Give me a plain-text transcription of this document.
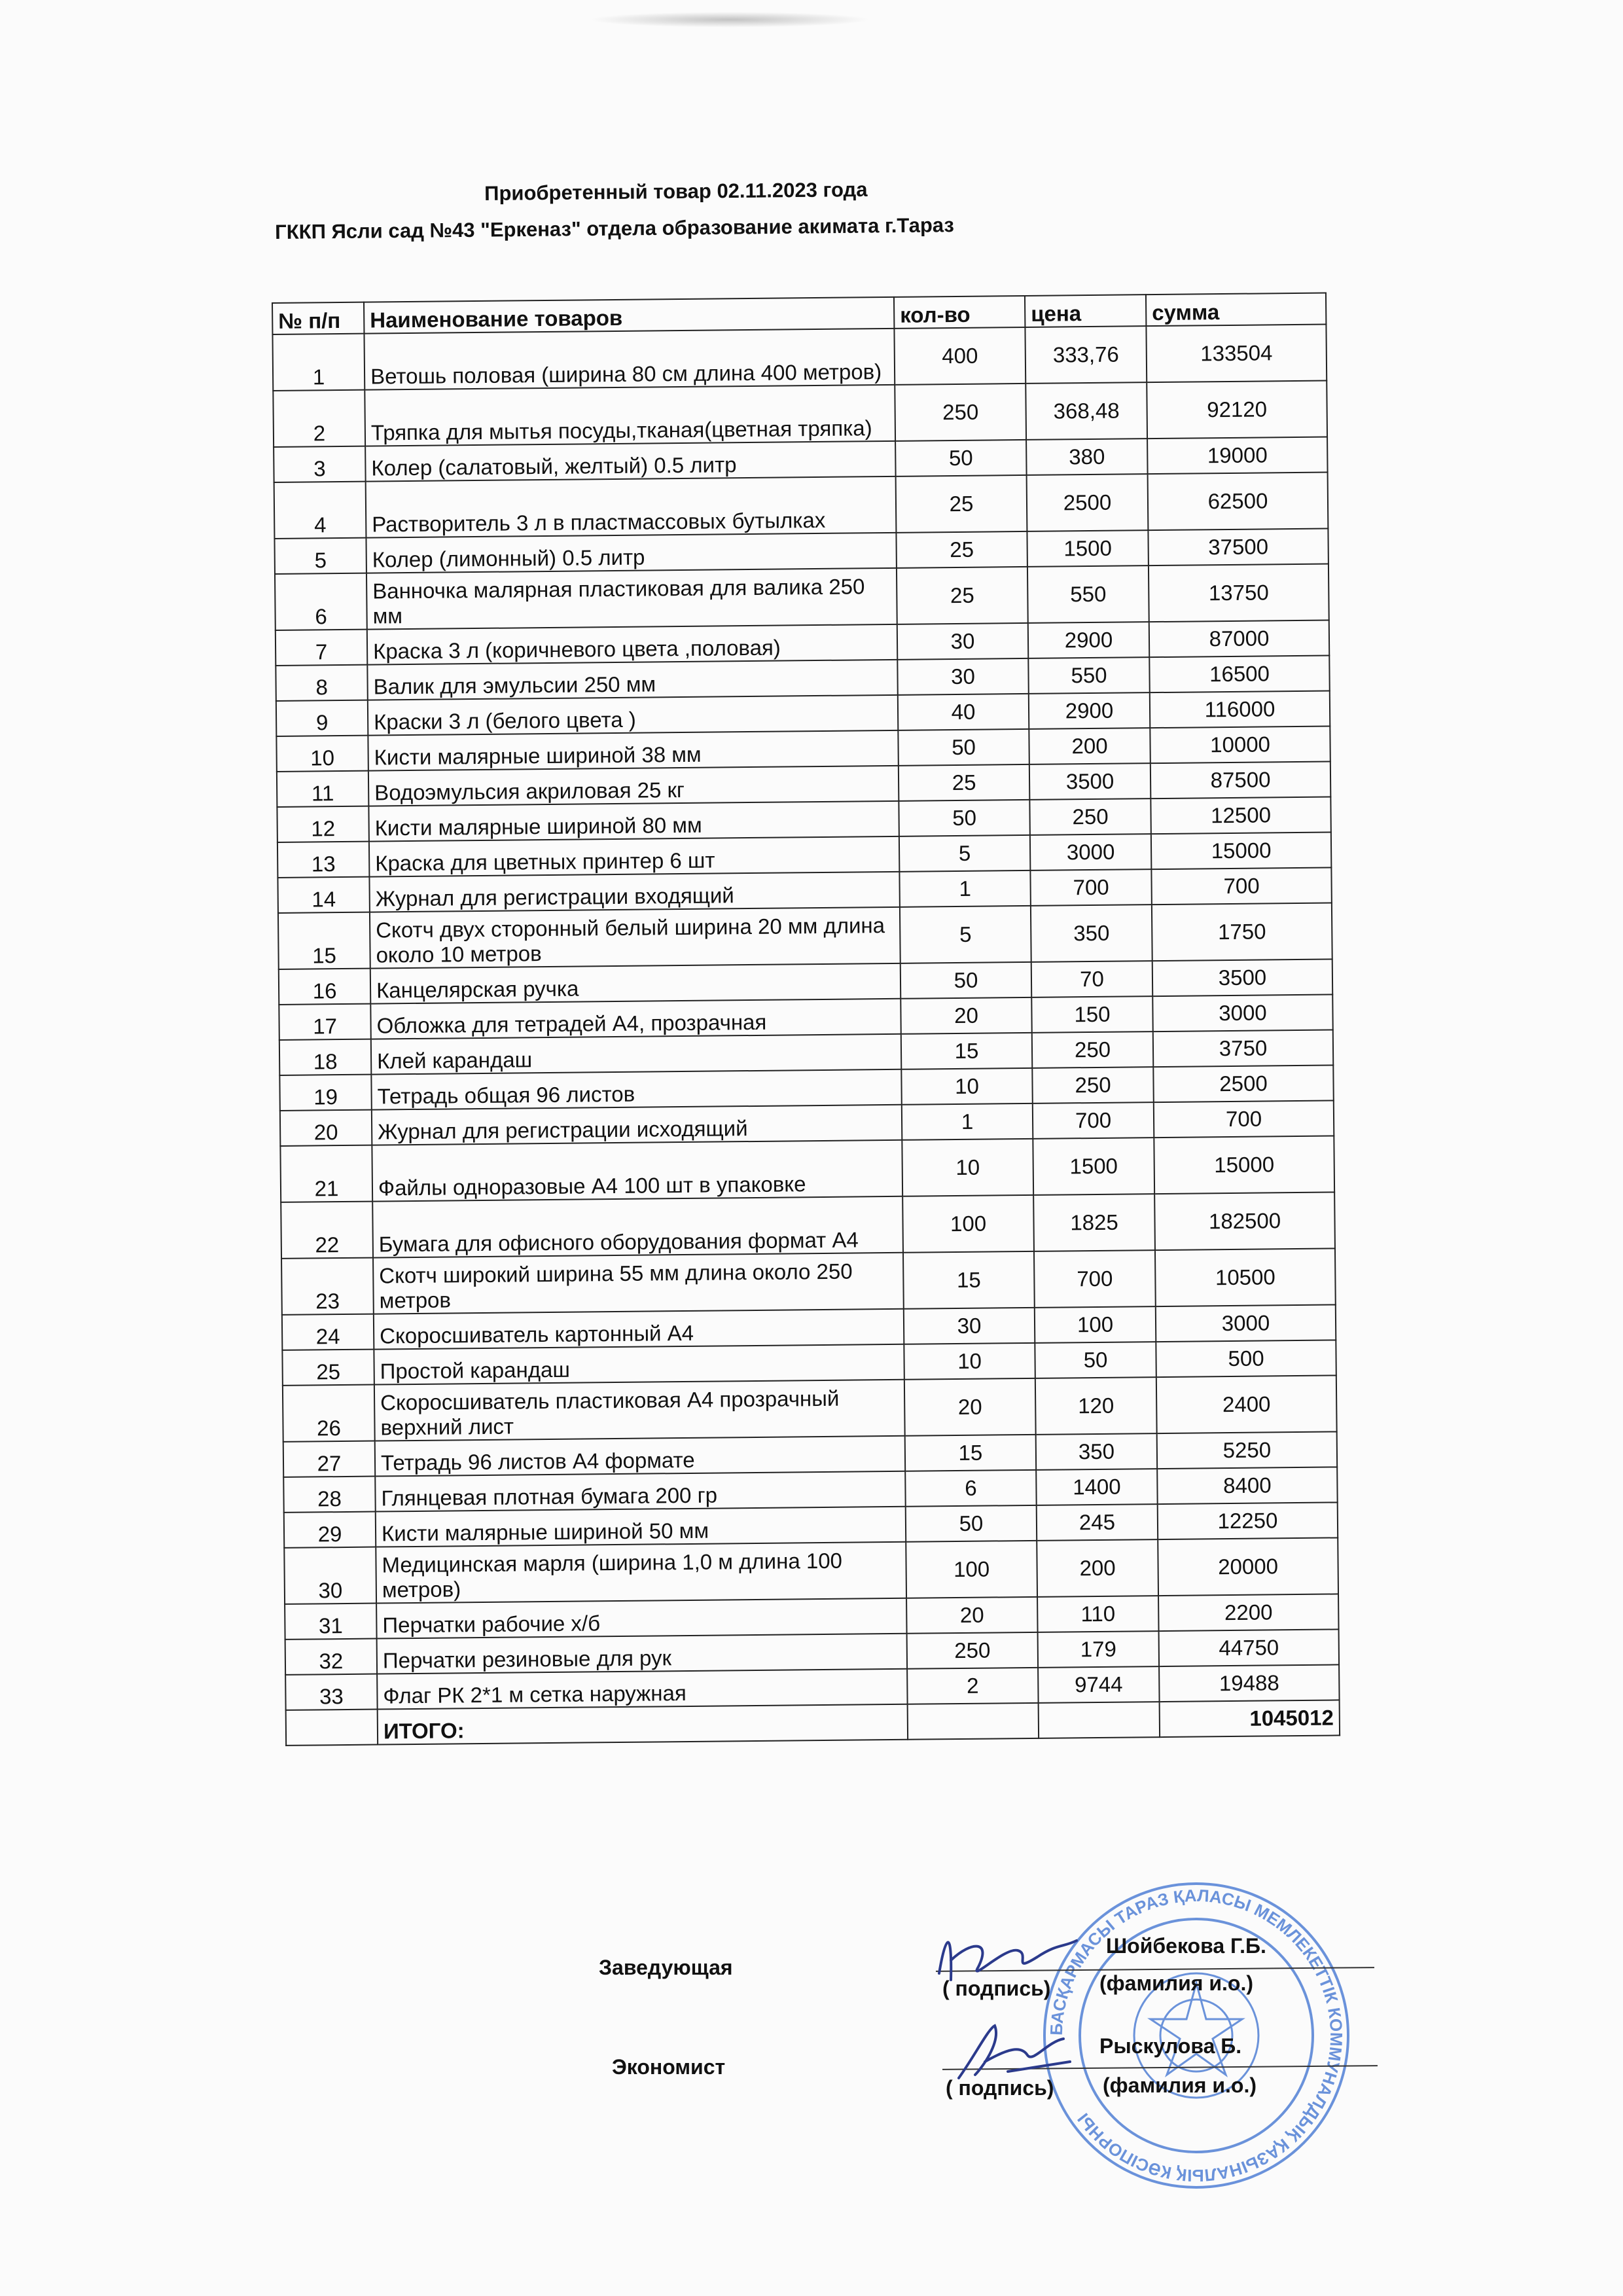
Приобретенный товар 02.11.2023 года
ГККП Ясли сад №43 "Еркеназ" отдела образование акимата г.Тараз
№ п/п	Наименование товаров	кол-во	цена	сумма
1	Ветошь половая (ширина 80 см длина 400 метров)	400	333,76	133504
2	Тряпка для мытья посуды,тканая(цветная тряпка)	250	368,48	92120
3	Колер (салатовый, желтый) 0.5 литр	50	380	19000
4	Растворитель 3 л в пластмассовых бутылках	25	2500	62500
5	Колер (лимонный) 0.5 литр	25	1500	37500
6	Ванночка малярная пластиковая для валика 250 мм	25	550	13750
7	Краска 3 л (коричневого цвета ,половая)	30	2900	87000
8	Валик для эмульсии 250 мм	30	550	16500
9	Краски 3 л (белого цвета )	40	2900	116000
10	Кисти малярные шириной 38 мм	50	200	10000
11	Водоэмульсия акриловая 25 кг	25	3500	87500
12	Кисти малярные шириной 80 мм	50	250	12500
13	Краска для цветных принтер 6 шт	5	3000	15000
14	Журнал для регистрации входящий	1	700	700
15	Скотч двух сторонный белый ширина 20 мм длина около 10 метров	5	350	1750
16	Канцелярская ручка	50	70	3500
17	Обложка для тетрадей А4, прозрачная	20	150	3000
18	Клей карандаш	15	250	3750
19	Тетрадь общая 96 листов	10	250	2500
20	Журнал для регистрации исходящий	1	700	700
21	Файлы одноразовые А4 100 шт в упаковке	10	1500	15000
22	Бумага для офисного оборудования формат А4	100	1825	182500
23	Скотч широкий ширина 55 мм длина около 250 метров	15	700	10500
24	Скоросшиватель картонный А4	30	100	3000
25	Простой карандаш	10	50	500
26	Скоросшиватель пластиковая А4 прозрачный верхний лист	20	120	2400
27	Тетрадь 96 листов А4 формате	15	350	5250
28	Глянцевая плотная бумага 200 гр	6	1400	8400
29	Кисти малярные шириной 50 мм	50	245	12250
30	Медицинская марля (ширина 1,0 м длина 100 метров)	100	200	20000
31	Перчатки рабочие х/б	20	110	2200
32	Перчатки резиновые для рук	250	179	44750
33	Флаг РК 2*1 м сетка наружная	2	9744	19488
	ИТОГО:			1045012
БАСҚАРМАСЫ ТАРАЗ ҚАЛАСЫ МЕМЛЕКЕТТІК КОММУНАЛДЫҚ ҚАЗЫНАЛЫҚ КӘСІПОРНЫ
Заведующая
( подпись)
Шойбекова Г.Б.
(фамилия и.о.)
Экономист
( подпись)
Рыскулова Б.
(фамилия и.о.)
